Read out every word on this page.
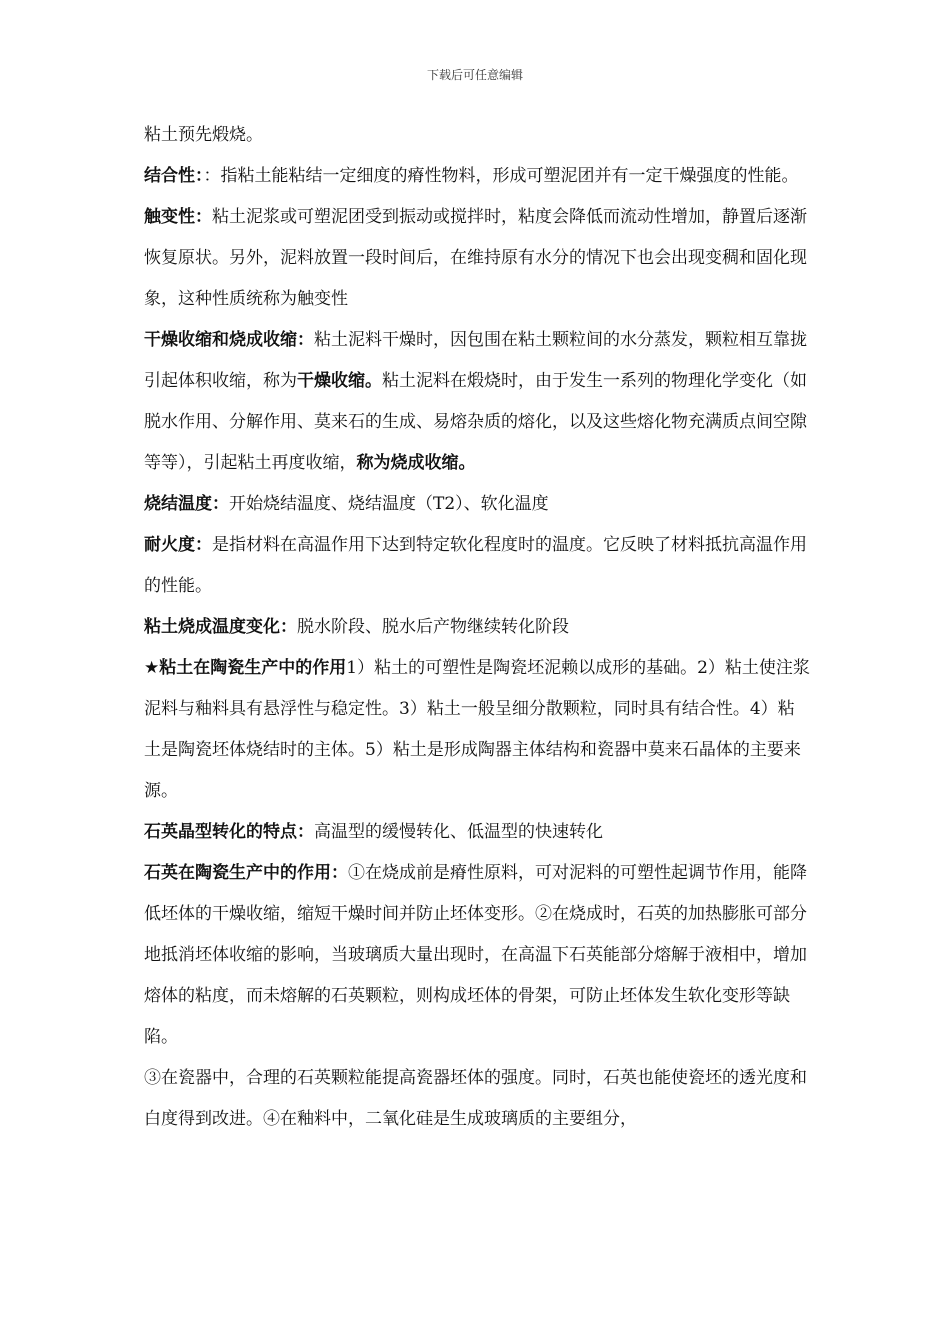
下载后可任意编辑

粘土预先煅烧。

结合性：：指粘土能粘结一定细度的瘠性物料，形成可塑泥团并有一定干燥强度的性能。

触变性：粘土泥浆或可塑泥团受到振动或搅拌时，粘度会降低而流动性增加，静置后逐渐恢复原状。另外，泥料放置一段时间后，在维持原有水分的情况下也会出现变稠和固化现象，这种性质统称为触变性

干燥收缩和烧成收缩：粘土泥料干燥时，因包围在粘土颗粒间的水分蒸发，颗粒相互靠拢引起体积收缩，称为干燥收缩。粘土泥料在煅烧时，由于发生一系列的物理化学变化（如脱水作用、分解作用、莫来石的生成、易熔杂质的熔化，以及这些熔化物充满质点间空隙等等），引起粘土再度收缩，称为烧成收缩。

烧结温度：开始烧结温度、烧结温度（T2）、软化温度

耐火度：是指材料在高温作用下达到特定软化程度时的温度。它反映了材料抵抗高温作用的性能。

粘土烧成温度变化：脱水阶段、脱水后产物继续转化阶段

★粘土在陶瓷生产中的作用1）粘土的可塑性是陶瓷坯泥赖以成形的基础。2）粘土使注浆泥料与釉料具有悬浮性与稳定性。3）粘土一般呈细分散颗粒，同时具有结合性。4）粘土是陶瓷坯体烧结时的主体。5）粘土是形成陶器主体结构和瓷器中莫来石晶体的主要来源。

石英晶型转化的特点：高温型的缓慢转化、低温型的快速转化

石英在陶瓷生产中的作用：①在烧成前是瘠性原料，可对泥料的可塑性起调节作用，能降低坯体的干燥收缩，缩短干燥时间并防止坯体变形。②在烧成时，石英的加热膨胀可部分地抵消坯体收缩的影响，当玻璃质大量出现时，在高温下石英能部分熔解于液相中，增加熔体的粘度，而未熔解的石英颗粒，则构成坯体的骨架，可防止坯体发生软化变形等缺陷。

③在瓷器中，合理的石英颗粒能提高瓷器坯体的强度。同时，石英也能使瓷坯的透光度和白度得到改进。④在釉料中，二氧化硅是生成玻璃质的主要组分，
